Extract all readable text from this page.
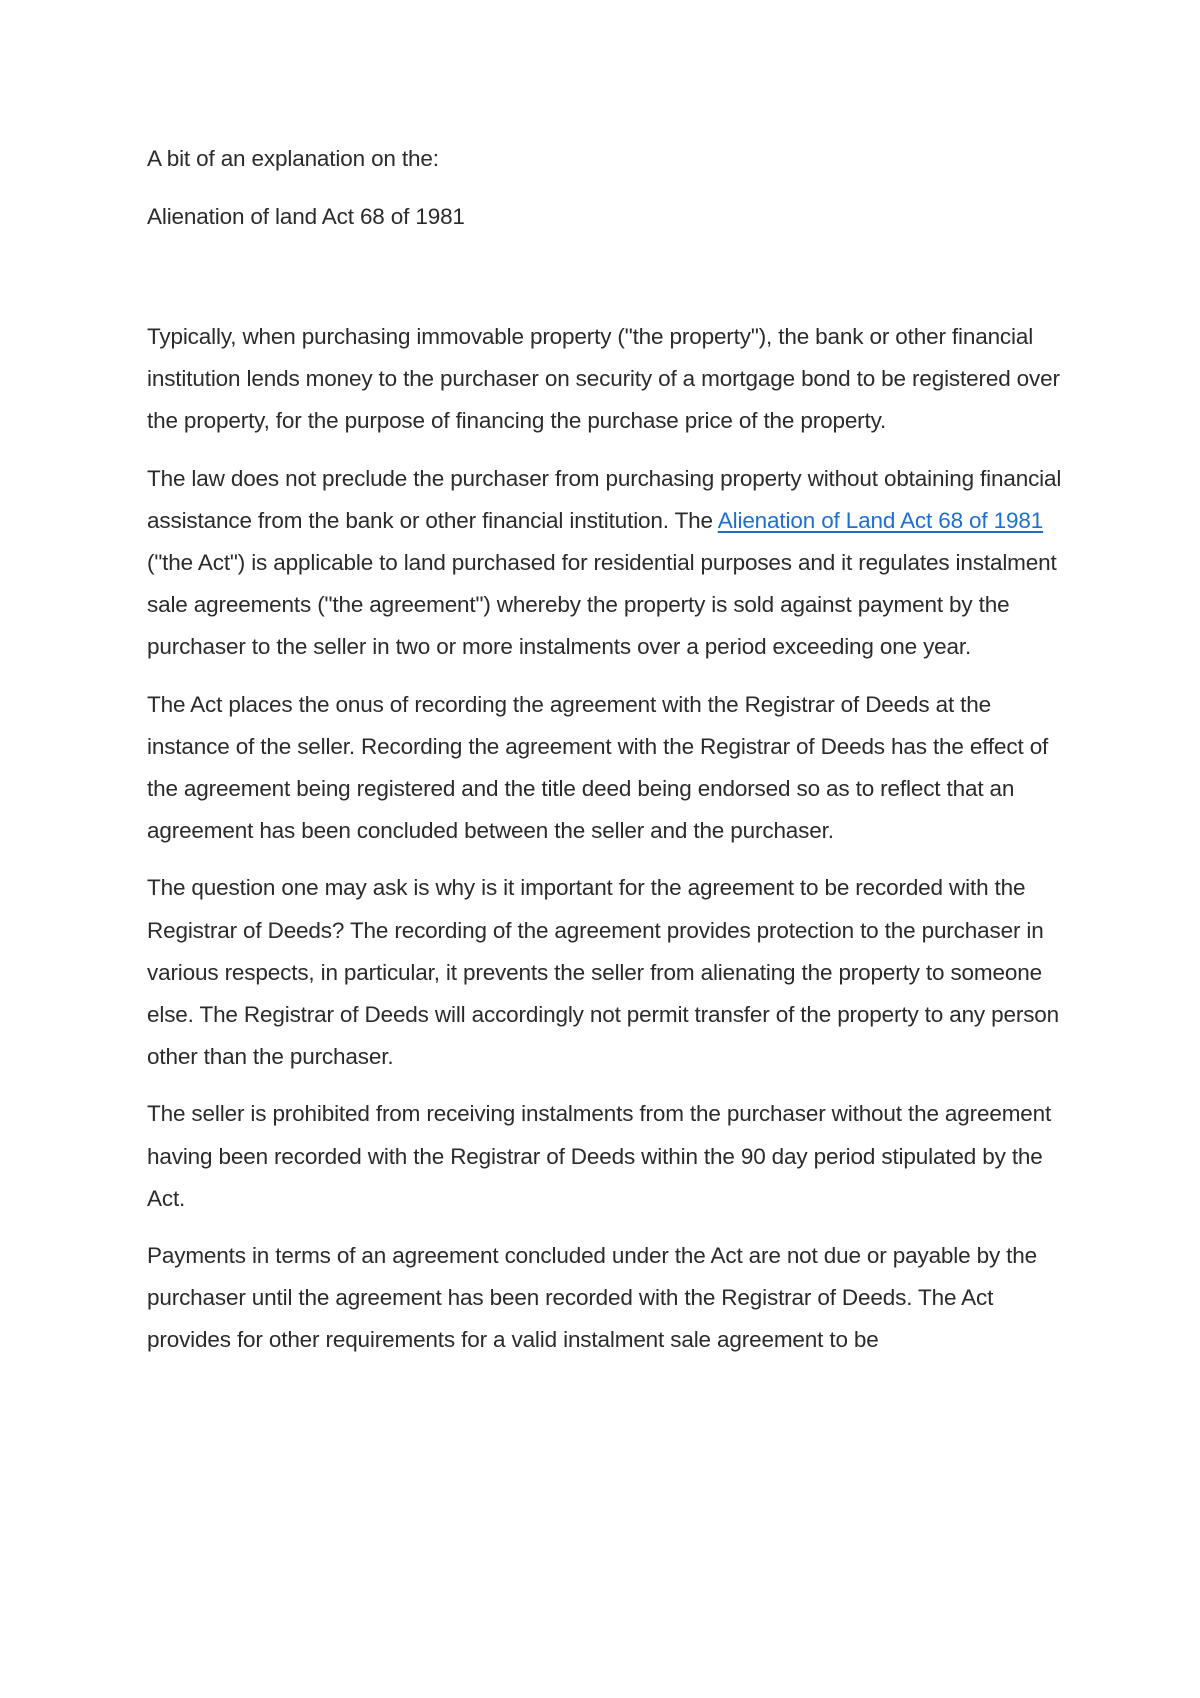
A bit of an explanation on the:

Alienation of land Act 68 of 1981

Typically, when purchasing immovable property ("the property"), the bank or other financial institution lends money to the purchaser on security of a mortgage bond to be registered over the property, for the purpose of financing the purchase price of the property.

The law does not preclude the purchaser from purchasing property without obtaining financial assistance from the bank or other financial institution. The Alienation of Land Act 68 of 1981 ("the Act") is applicable to land purchased for residential purposes and it regulates instalment sale agreements ("the agreement") whereby the property is sold against payment by the purchaser to the seller in two or more instalments over a period exceeding one year.

The Act places the onus of recording the agreement with the Registrar of Deeds at the instance of the seller. Recording the agreement with the Registrar of Deeds has the effect of the agreement being registered and the title deed being endorsed so as to reflect that an agreement has been concluded between the seller and the purchaser.

The question one may ask is why is it important for the agreement to be recorded with the Registrar of Deeds? The recording of the agreement provides protection to the purchaser in various respects, in particular, it prevents the seller from alienating the property to someone else. The Registrar of Deeds will accordingly not permit transfer of the property to any person other than the purchaser.

The seller is prohibited from receiving instalments from the purchaser without the agreement having been recorded with the Registrar of Deeds within the 90 day period stipulated by the Act.

Payments in terms of an agreement concluded under the Act are not due or payable by the purchaser until the agreement has been recorded with the Registrar of Deeds. The Act provides for other requirements for a valid instalment sale agreement to be
